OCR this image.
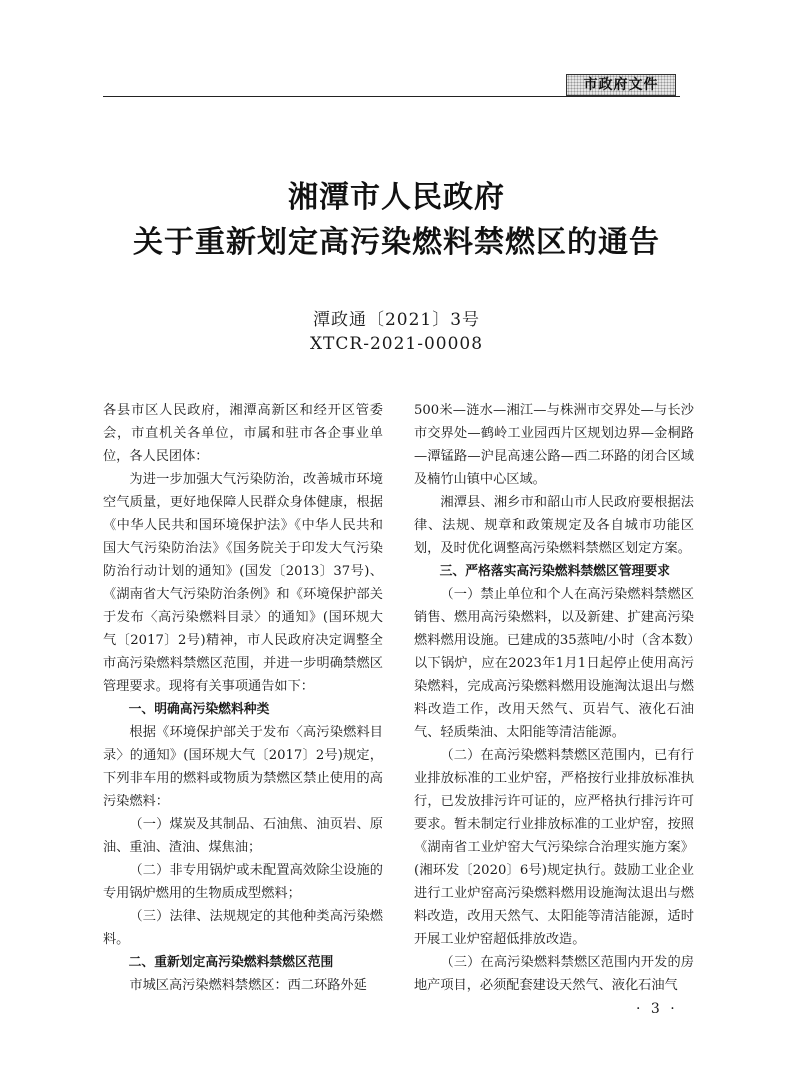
市政府文件
湘潭市人民政府
关于重新划定高污染燃料禁燃区的通告
潭政通〔2021〕3号
XTCR-2021-00008

各县市区人民政府，湘潭高新区和经开区管委会，市直机关各单位，市属和驻市各企事业单位，各人民团体：

为进一步加强大气污染防治，改善城市环境空气质量，更好地保障人民群众身体健康，根据《中华人民共和国环境保护法》《中华人民共和国大气污染防治法》《国务院关于印发大气污染防治行动计划的通知》(国发〔2013〕37号)、《湖南省大气污染防治条例》和《环境保护部关于发布〈高污染燃料目录〉的通知》(国环规大气〔2017〕2号)精神，市人民政府决定调整全市高污染燃料禁燃区范围，并进一步明确禁燃区管理要求。现将有关事项通告如下：

一、明确高污染燃料种类

根据《环境保护部关于发布〈高污染燃料目录〉的通知》(国环规大气〔2017〕2号)规定，下列非车用的燃料或物质为禁燃区禁止使用的高污染燃料：

（一）煤炭及其制品、石油焦、油页岩、原油、重油、渣油、煤焦油；

（二）非专用锅炉或未配置高效除尘设施的专用锅炉燃用的生物质成型燃料；

（三）法律、法规规定的其他种类高污染燃料。

二、重新划定高污染燃料禁燃区范围

市城区高污染燃料禁燃区：西二环路外延

500米—涟水—湘江—与株洲市交界处—与长沙市交界处—鹤岭工业园西片区规划边界—金桐路—潭锰路—沪昆高速公路—西二环路的闭合区域及楠竹山镇中心区域。

湘潭县、湘乡市和韶山市人民政府要根据法律、法规、规章和政策规定及各自城市功能区划，及时优化调整高污染燃料禁燃区划定方案。

三、严格落实高污染燃料禁燃区管理要求

（一）禁止单位和个人在高污染燃料禁燃区销售、燃用高污染燃料，以及新建、扩建高污染燃料燃用设施。已建成的35蒸吨/小时（含本数）以下锅炉，应在2023年1月1日起停止使用高污染燃料，完成高污染燃料燃用设施淘汰退出与燃料改造工作，改用天然气、页岩气、液化石油气、轻质柴油、太阳能等清洁能源。

（二）在高污染燃料禁燃区范围内，已有行业排放标准的工业炉窑，严格按行业排放标准执行，已发放排污许可证的，应严格执行排污许可要求。暂未制定行业排放标准的工业炉窑，按照《湖南省工业炉窑大气污染综合治理实施方案》(湘环发〔2020〕6号)规定执行。鼓励工业企业进行工业炉窑高污染燃料燃用设施淘汰退出与燃料改造，改用天然气、太阳能等清洁能源，适时开展工业炉窑超低排放改造。

（三）在高污染燃料禁燃区范围内开发的房地产项目，必须配套建设天然气、液化石油气

· 3 ·
